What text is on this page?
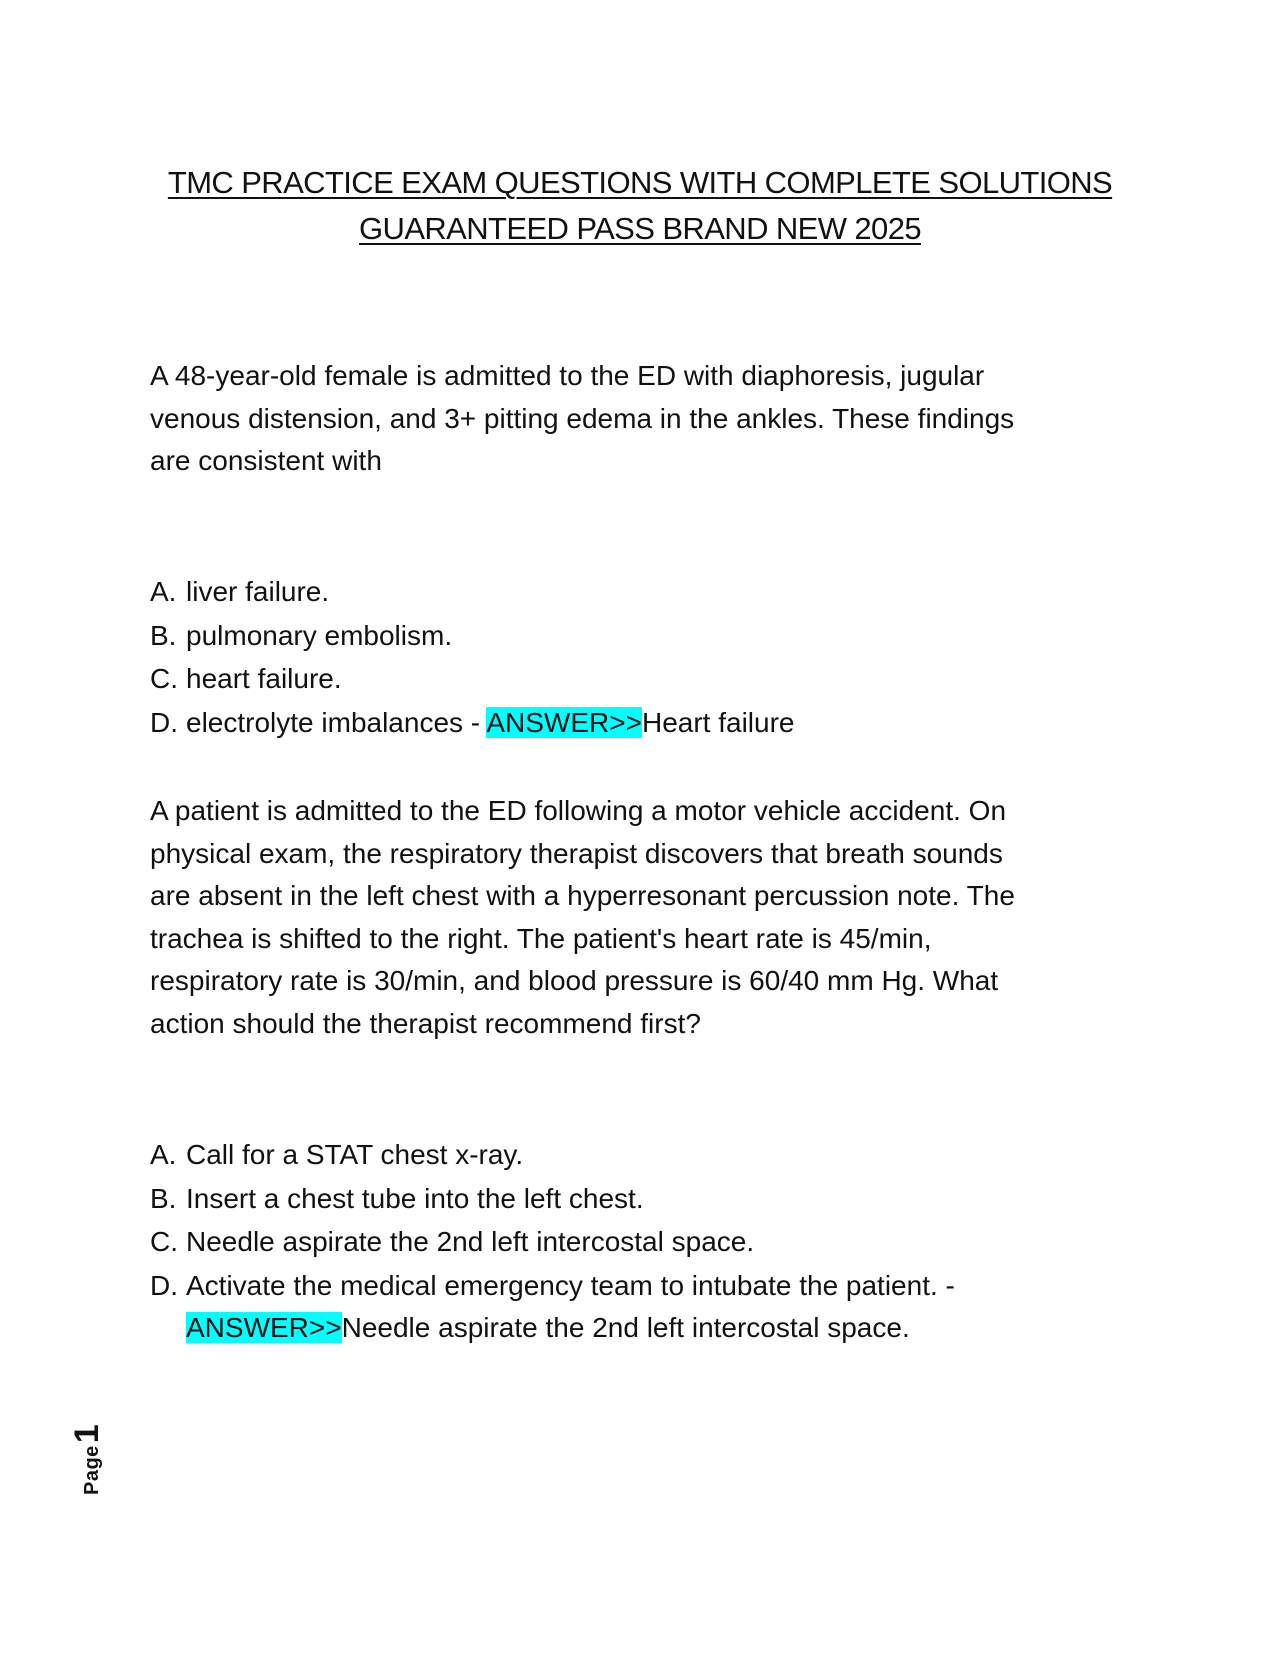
TMC PRACTICE EXAM QUESTIONS WITH COMPLETE SOLUTIONS
GUARANTEED PASS BRAND NEW 2025
A 48-year-old female is admitted to the ED with diaphoresis, jugular
venous distension, and 3+ pitting edema in the ankles. These findings
are consistent with
A. liver failure.
B. pulmonary embolism.
C. heart failure.
D. electrolyte imbalances - ANSWER>>Heart failure
A patient is admitted to the ED following a motor vehicle accident. On
physical exam, the respiratory therapist discovers that breath sounds
are absent in the left chest with a hyperresonant percussion note. The
trachea is shifted to the right. The patient's heart rate is 45/min,
respiratory rate is 30/min, and blood pressure is 60/40 mm Hg. What
action should the therapist recommend first?
A. Call for a STAT chest x-ray.
B. Insert a chest tube into the left chest.
C. Needle aspirate the 2nd left intercostal space.
D. Activate the medical emergency team to intubate the patient. -
ANSWER>>Needle aspirate the 2nd left intercostal space.
Page1
